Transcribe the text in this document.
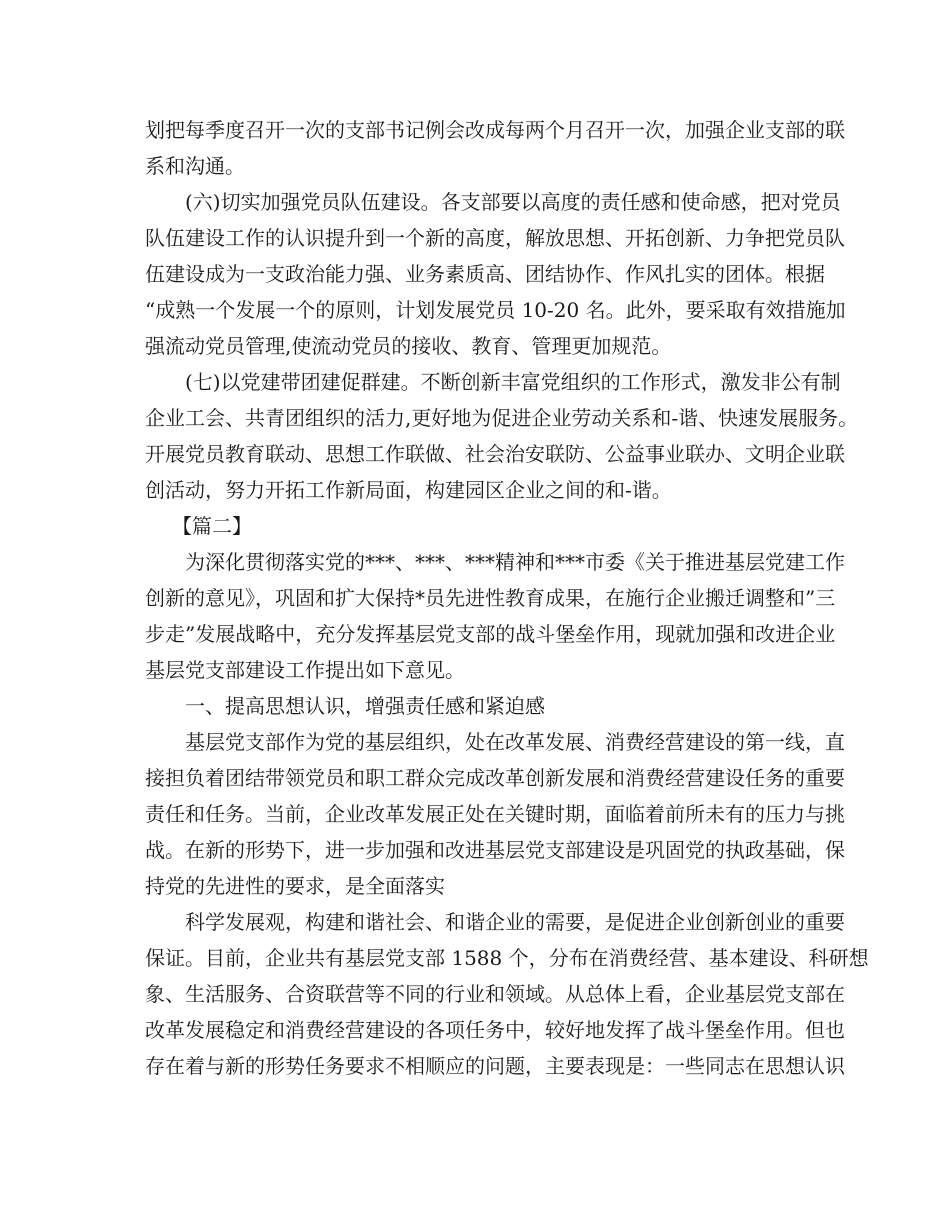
划把每季度召开一次的支部书记例会改成每两个月召开一次，加强企业支部的联
系和沟通。
(六)切实加强党员队伍建设。各支部要以高度的责任感和使命感，把对党员
队伍建设工作的认识提升到一个新的高度，解放思想、开拓创新、力争把党员队
伍建设成为一支政治能力强、业务素质高、团结协作、作风扎实的团体。根据
“成熟一个发展一个的原则，计划发展党员 10-20 名。此外，要采取有效措施加
强流动党员管理,使流动党员的接收、教育、管理更加规范。
(七)以党建带团建促群建。不断创新丰富党组织的工作形式，激发非公有制
企业工会、共青团组织的活力,更好地为促进企业劳动关系和-谐、快速发展服务。
开展党员教育联动、思想工作联做、社会治安联防、公益事业联办、文明企业联
创活动，努力开拓工作新局面，构建园区企业之间的和-谐。
【篇二】
为深化贯彻落实党的***、***、***精神和***市委《关于推进基层党建工作
创新的意见》，巩固和扩大保持*员先进性教育成果，在施行企业搬迁调整和”三
步走”发展战略中，充分发挥基层党支部的战斗堡垒作用，现就加强和改进企业
基层党支部建设工作提出如下意见。
一、提高思想认识，增强责任感和紧迫感
基层党支部作为党的基层组织，处在改革发展、消费经营建设的第一线，直
接担负着团结带领党员和职工群众完成改革创新发展和消费经营建设任务的重要
责任和任务。当前，企业改革发展正处在关键时期，面临着前所未有的压力与挑
战。在新的形势下，进一步加强和改进基层党支部建设是巩固党的执政基础，保
持党的先进性的要求，是全面落实
科学发展观，构建和谐社会、和谐企业的需要，是促进企业创新创业的重要
保证。目前，企业共有基层党支部 1588 个，分布在消费经营、基本建设、科研想
象、生活服务、合资联营等不同的行业和领域。从总体上看，企业基层党支部在
改革发展稳定和消费经营建设的各项任务中，较好地发挥了战斗堡垒作用。但也
存在着与新的形势任务要求不相顺应的问题，主要表现是：一些同志在思想认识
